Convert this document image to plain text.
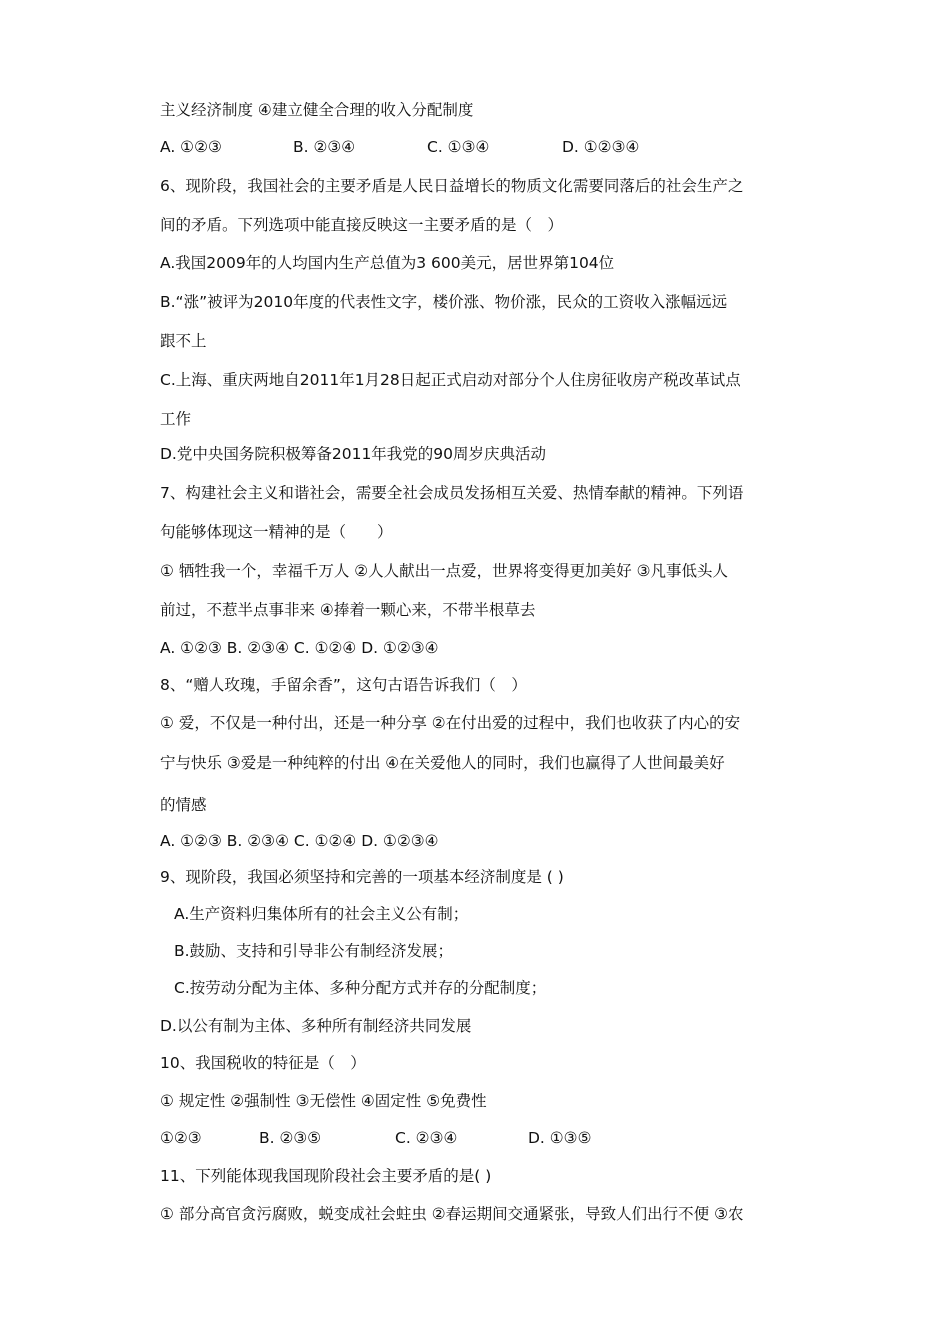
主义经济制度 ④建立健全合理的收入分配制度
A. ①②③	B. ②③④	C. ①③④	D. ①②③④
6、现阶段，我国社会的主要矛盾是人民日益增长的物质文化需要同落后的社会生产之
间的矛盾。下列选项中能直接反映这一主要矛盾的是（　）
A.我国2009年的人均国内生产总值为3 600美元，居世界第104位
B.“涨”被评为2010年度的代表性文字，楼价涨、物价涨，民众的工资收入涨幅远远
跟不上
C.上海、重庆两地自2011年1月28日起正式启动对部分个人住房征收房产税改革试点
工作
D.党中央国务院积极筹备2011年我党的90周岁庆典活动
7、构建社会主义和谐社会，需要全社会成员发扬相互关爱、热情奉献的精神。下列语
句能够体现这一精神的是（　　）
① 牺牲我一个，幸福千万人 ②人人献出一点爱，世界将变得更加美好 ③凡事低头人
前过，不惹半点事非来 ④捧着一颗心来，不带半根草去
A. ①②③ B. ②③④ C. ①②④ D. ①②③④
8、“赠人玫瑰，手留余香”，这句古语告诉我们（　）
① 爱，不仅是一种付出，还是一种分享 ②在付出爱的过程中，我们也收获了内心的安
宁与快乐 ③爱是一种纯粹的付出 ④在关爱他人的同时，我们也赢得了人世间最美好
的情感
A. ①②③ B. ②③④ C. ①②④ D. ①②③④
9、现阶段，我国必须坚持和完善的一项基本经济制度是 ( )
A.生产资料归集体所有的社会主义公有制；
B.鼓励、支持和引导非公有制经济发展；
C.按劳动分配为主体、多种分配方式并存的分配制度；
D.以公有制为主体、多种所有制经济共同发展
10、我国税收的特征是（　）
① 规定性 ②强制性 ③无偿性 ④固定性 ⑤免费性
①②③	B. ②③⑤	C. ②③④	D. ①③⑤
11、下列能体现我国现阶段社会主要矛盾的是( )
① 部分高官贪污腐败，蜕变成社会蛀虫 ②春运期间交通紧张，导致人们出行不便 ③农
